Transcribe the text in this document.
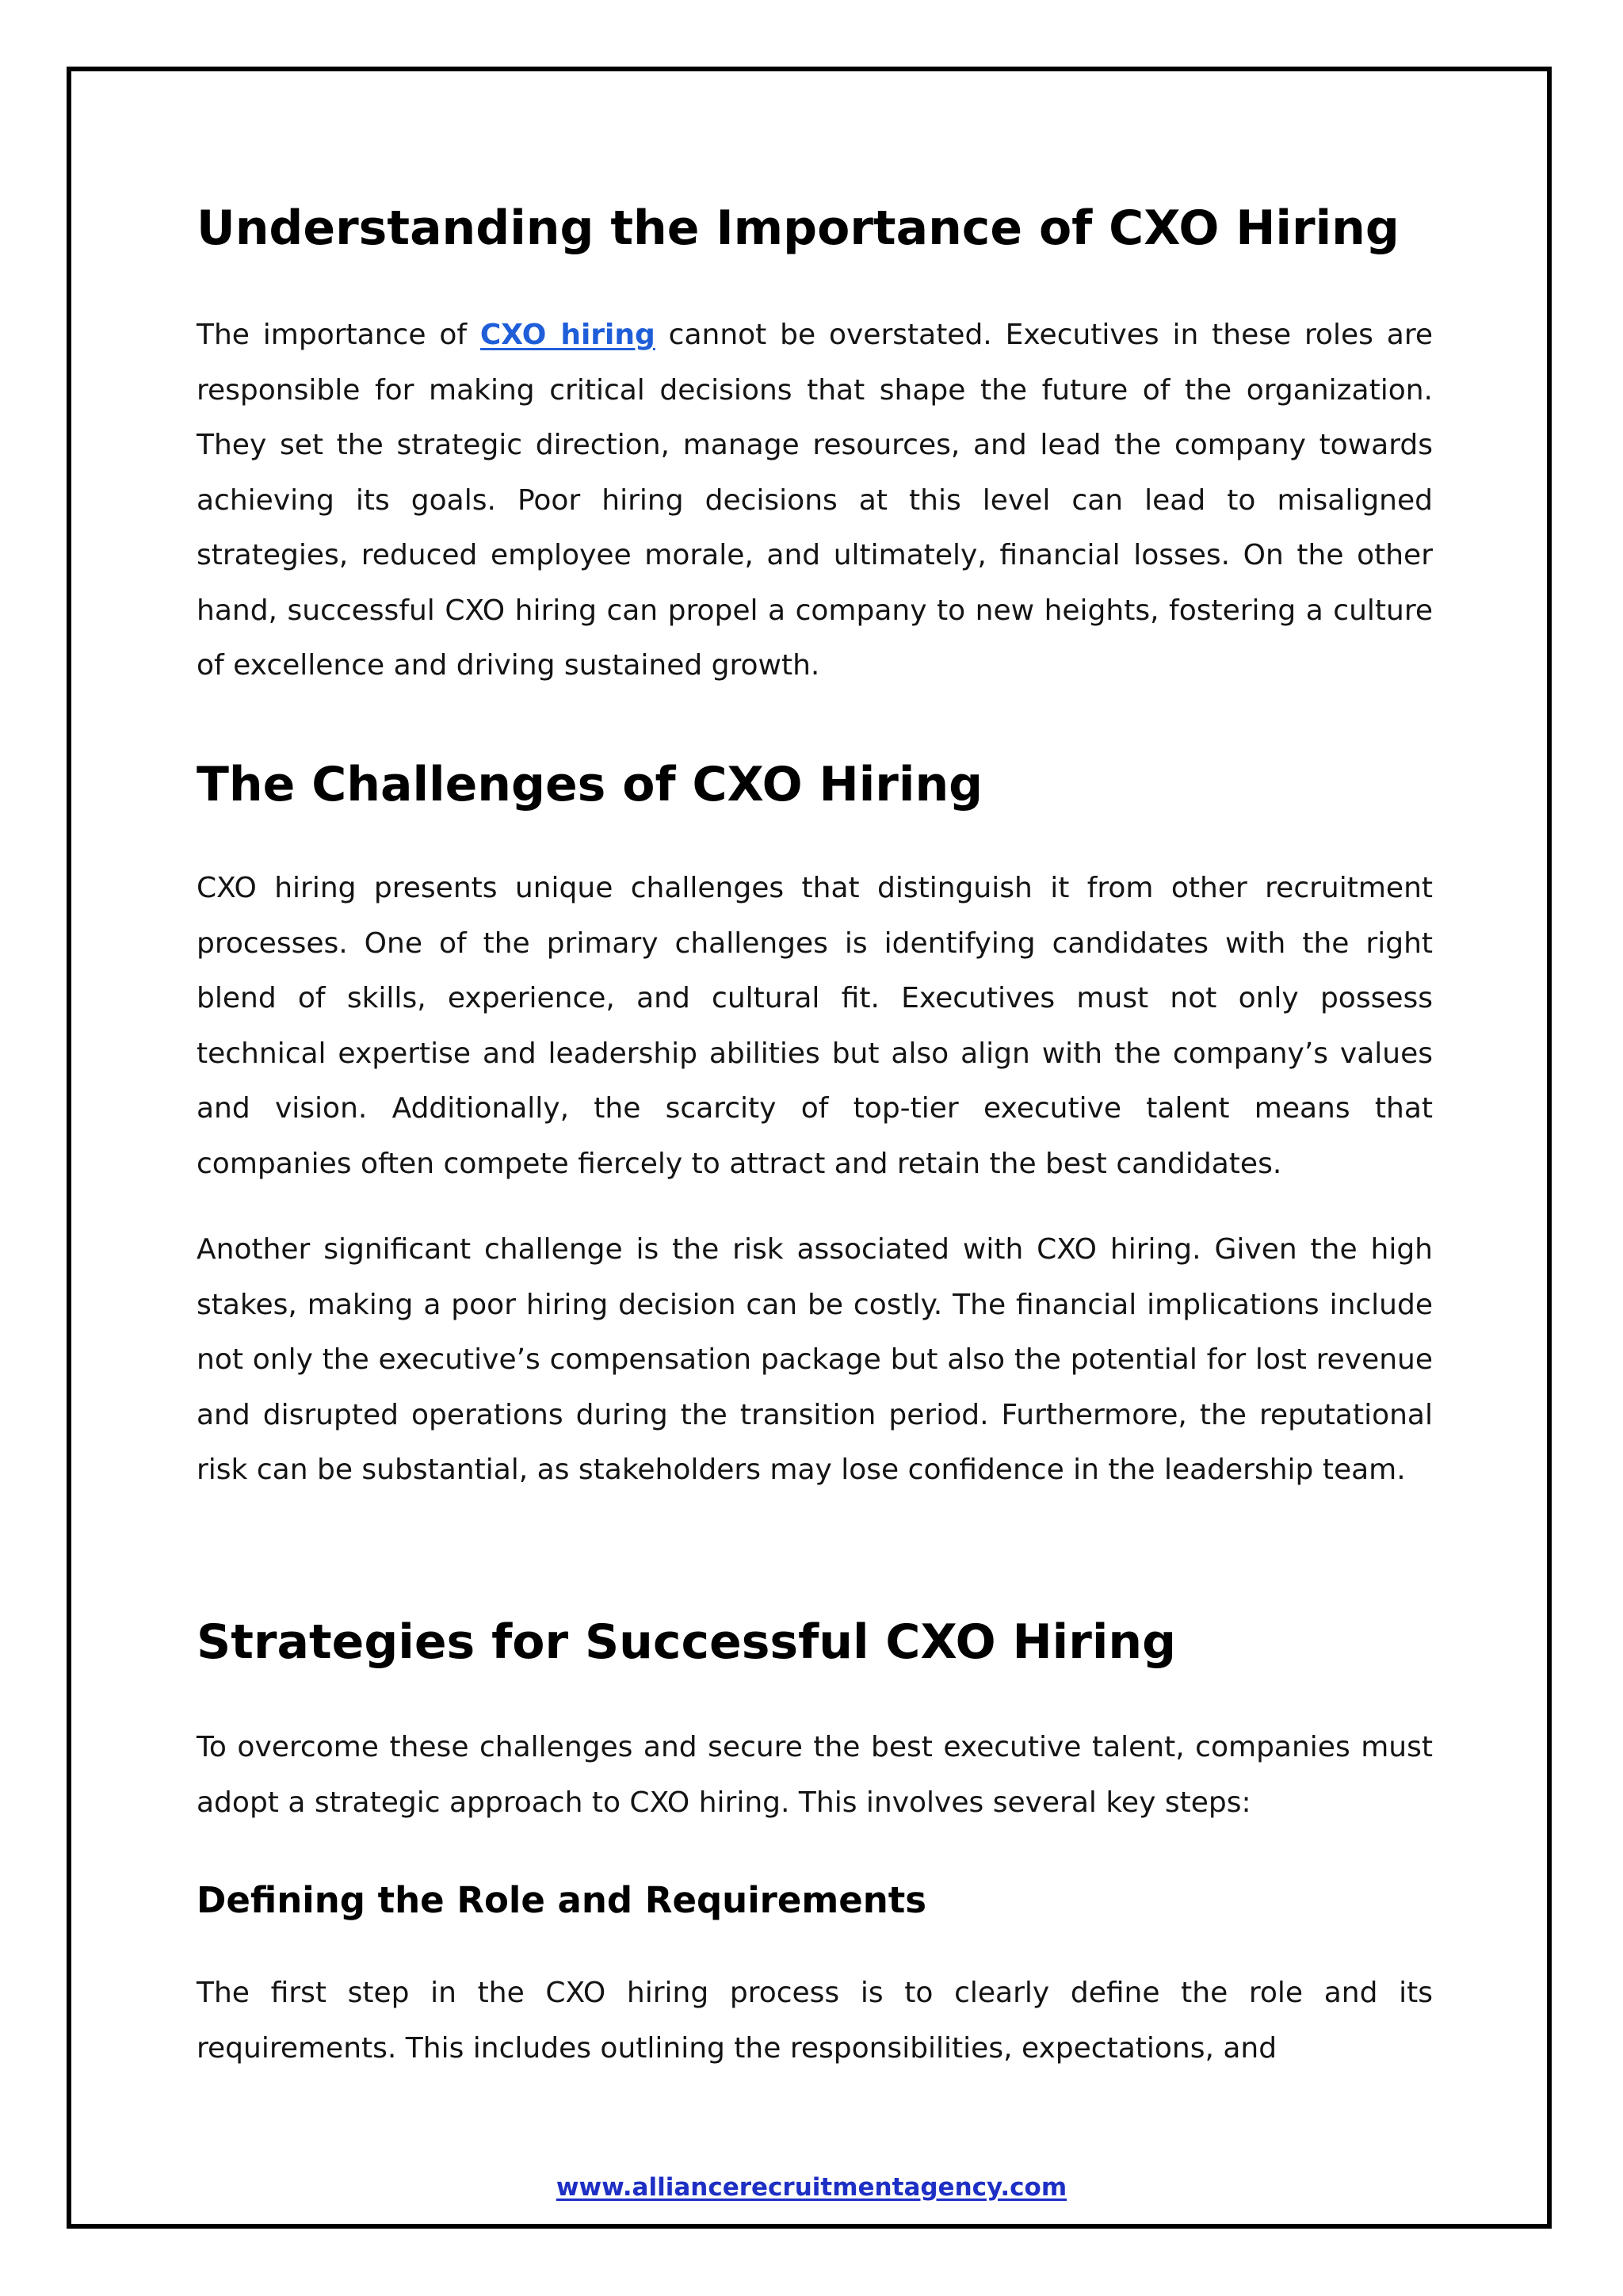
Understanding the Importance of CXO Hiring

The importance of CXO hiring cannot be overstated. Executives in these roles are responsible for making critical decisions that shape the future of the organization. They set the strategic direction, manage resources, and lead the company towards achieving its goals. Poor hiring decisions at this level can lead to misaligned strategies, reduced employee morale, and ultimately, financial losses. On the other hand, successful CXO hiring can propel a company to new heights, fostering a culture of excellence and driving sustained growth.

The Challenges of CXO Hiring

CXO hiring presents unique challenges that distinguish it from other recruitment processes. One of the primary challenges is identifying candidates with the right blend of skills, experience, and cultural fit. Executives must not only possess technical expertise and leadership abilities but also align with the company’s values and vision. Additionally, the scarcity of top-tier executive talent means that companies often compete fiercely to attract and retain the best candidates.

Another significant challenge is the risk associated with CXO hiring. Given the high stakes, making a poor hiring decision can be costly. The financial implications include not only the executive’s compensation package but also the potential for lost revenue and disrupted operations during the transition period. Furthermore, the reputational risk can be substantial, as stakeholders may lose confidence in the leadership team.

Strategies for Successful CXO Hiring

To overcome these challenges and secure the best executive talent, companies must adopt a strategic approach to CXO hiring. This involves several key steps:

Defining the Role and Requirements

The first step in the CXO hiring process is to clearly define the role and its requirements. This includes outlining the responsibilities, expectations, and

www.alliancerecruitmentagency.com
